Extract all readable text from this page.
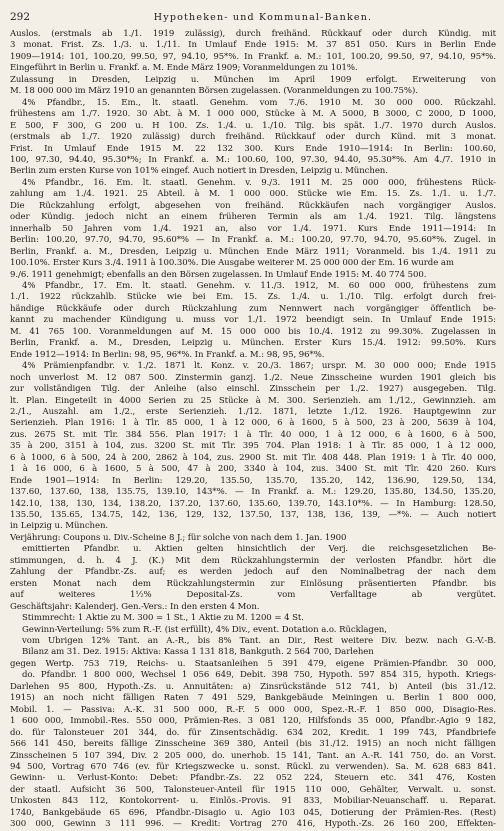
292	Hypotheken- und Kommunal-Banken.
Auslos. (erstmals ab 1./1. 1919 zulässig), durch freihänd. Rückkauf oder durch Kündig. mit
3 monat. Frist. Zs. 1./3. u. 1./11. In Umlauf Ende 1915: M. 37 851 050. Kurs in Berlin Ende
1909—1914: 101, 100.20, 99.50, 97, 94.10, 95*%. In Frankf. a. M.: 101, 100.20, 99.50, 97, 94.10, 95*%.
Eingeführt in Berlin u. Frankf. a. M. Ende März 1909; Voranmeldungen zu 101%.
Zulassung in Dresden, Leipzig u. München im April 1909 erfolgt. Erweiterung von
M. 18 000 000 im März 1910 an genannten Börsen zugelassen. (Voranmeldungen zu 100.75%).
4% Pfandbr., 15. Em., lt. staatl. Genehm. vom 7./6. 1910 M. 30 000 000. Rückzahl.
frühestens am 1./7. 1920. 30 Abt. à M. 1 000 000, Stücke à M. A 5000, B 3000, C 2000, D 1000,
E 500, F 300, G 200 u. H 100. Zs. 1./4. u. 1./10. Tilg. bis spät. 1./7. 1970 durch Auslos.
(erstmals ab 1./7. 1920 zulässig) durch freihänd. Rückkauf oder durch Künd. mit 3 monat.
Frist. In Umlauf Ende 1915 M. 22 132 300. Kurs Ende 1910—1914: In Berlin: 100.60,
100, 97.30, 94.40, 95.30*%; In Frankf. a. M.: 100.60, 100, 97.30, 94.40, 95.30*%. Am 4./7. 1910 in
Berlin zum ersten Kurse von 101% eingef. Auch notiert in Dresden, Leipzig u. München.
4% Pfandbr., 16. Em. lt. staatl. Genehm. v. 9./3. 1911 M. 25 000 000, frühestens Rück-
zahlung am 1./4. 1921. 25 Abteil. à M. 1 000 000. Stücke wie Em. 15. Zs. 1./1. u. 1./7.
Die Rückzahlung erfolgt, abgesehen von freihänd. Rückkäufen nach vorgängiger Auslos.
oder Kündig. jedoch nicht an einem früheren Termin als am 1./4. 1921. Tilg. längstens
innerhalb 50 Jahren vom 1./4. 1921 an, also vor 1./4. 1971. Kurs Ende 1911—1914: In
Berlin: 100.20, 97.70, 94.70, 95.60*% — In Frankf. a. M.: 100.20, 97.70, 94.70, 95.60*%. Zugel. in
Berlin, Frankf. a. M., Dresden, Leipzig u. München Ende März 1911; Voranmeld. bis 1./4. 1911 zu
100.10%. Erster Kurs 3./4. 1911 à 100.30%. Die Ausgabe weiterer M. 25 000 000 der Em. 16 wurde am
9./6. 1911 genehmigt; ebenfalls an den Börsen zugelassen. In Umlauf Ende 1915: M. 40 774 500.
4% Pfandbr., 17. Em. lt. staatl. Genehm. v. 11./3. 1912, M. 60 000 000, frühestens zum
1./1. 1922 rückzahlb. Stücke wie bei Em. 15. Zs. 1./4. u. 1./10. Tilg. erfolgt durch frei-
händige Rückkäufe oder durch Rückzahlung zum Nennwert nach vorgängiger öffentlich be-
kannt zu machender Kündigung u. muss vor 1./1. 1972 beendigt sein. In Umlauf Ende 1915:
M. 41 765 100. Voranmeldungen auf M. 15 000 000 bis 10./4. 1912 zu 99.30%. Zugelassen in
Berlin, Frankf. a. M., Dresden, Leipzig u. München. Erster Kurs 15./4. 1912: 99.50%. Kurs
Ende 1912—1914: In Berlin: 98, 95, 96*%. In Frankf. a. M.: 98, 95, 96*%.
4% Prämienpfandbr. v. 1./2. 1871 lt. Konz. v. 20./3. 1867; urspr. M. 30 000 000; Ende 1915
noch unverlost M. 12 087 500. Zinstermin ganzj. 1./2. Neue Zinsscheine wurden 1901 gleich bis
zur vollständigen Tilg. der Anleihe (also einschl. Zinsschein per 1./2. 1927) ausgegeben. Tilg.
lt. Plan. Eingeteilt in 4000 Serien zu 25 Stücke à M. 300. Serienzieh. am 1./12., Gewinnzieh. am
2./1., Auszahl. am 1./2., erste Serienzieh. 1./12. 1871, letzte 1./12. 1926. Hauptgewinn zur
Serienzieh. Plan 1916: 1 à Tlr. 85 000, 1 à 12 000, 6 à 1600, 5 à 500, 23 à 200, 5639 à 104,
zus. 2675 St. mit Tlr. 384 556. Plan 1917: 1 à Tlr. 40 000, 1 à 12 000, 6 à 1600, 6 à 500,
35 à 200, 3151 à 104, zus. 3200 St. mit Tlr. 395 704. Plan 1918: 1 à Tlr. 85 000, 1 à 12 000,
6 à 1000, 6 à 500, 24 à 200, 2862 à 104, zus. 2900 St. mit Tlr. 408 448. Plan 1919: 1 à Tlr. 40 000,
1 à 16 000, 6 à 1600, 5 à 500, 47 à 200, 3340 à 104, zus. 3400 St. mit Tlr. 420 260. Kurs
Ende 1901—1914: In Berlin: 129.20, 135.50, 135.70, 135.20, 142, 136.90, 129.50, 134,
137.60, 137.60, 138, 135.75, 139.10, 143*%. — In Frankf. a. M.: 129.20, 135.80, 134.50, 135.20,
142.10, 138, 130, 134, 138.20, 137.20, 137.60, 135.60, 139.70, 143.10*%. — In Hamburg: 128.50,
135.50, 135.65, 134.75, 142, 136, 129, 132, 137.50, 137, 138, 136, 139, —*%. — Auch notiert
in Leipzig u. München.
Verjährung: Coupons u. Div.-Scheine 8 J.; für solche von nach dem 1. Jan. 1900
emittierten Pfandbr. u. Aktien gelten hinsichtlich der Verj. die reichsgesetzlichen Be-
stimmungen, d. h. 4 J. (K.) Mit dem Rückzahlungstermin der verlosten Pfandbr. hört die
Zahlung der Pfandbr.-Zs. auf; es werden jedoch auf den Nominalbetrag der nach dem
ersten Monat nach dem Rückzahlungstermin zur Einlösung präsentierten Pfandbr. bis
auf weiteres 1½% Deposital-Zs. vom Verfalltage ab vergütet.
Geschäftsjahr: Kalenderj. Gen.-Vers.: In den ersten 4 Mon.
Stimmrecht: 1 Aktie zu M. 300 = 1 St., 1 Aktie zu M. 1200 = 4 St.
Gewinn-Verteilung: 5% zum R.-F. (ist erfüllt), 4% Div., event. Dotation a.o. Rücklagen,
vom Übrigen 12% Tant. an A.-R., bis 8% Tant. an Dir., Rest weitere Div. bezw. nach G.-V.-B.
Bilanz am 31. Dez. 1915: Aktiva: Kassa 1 131 818, Bankguth. 2 564 700, Darlehen
gegen Wertp. 753 719, Reichs- u. Staatsanleihen 5 391 479, eigene Prämien-Pfandbr. 30 000,
do. Pfandbr. 1 800 000, Wechsel 1 056 649, Debit. 398 750, Hypoth. 597 854 315, hypoth. Kriegs-
Darlehen 95 800, Hypoth.-Zs. u. Annuitäten: a) Zinsrückstände 512 741, b) Anteil (bis 31./12.
1915) an noch nicht fälligen Raten 7 491 529, Bankgebäude Meiningen u. Berlin 1 800 000,
Mobil. 1. — Passiva: A.-K. 31 500 000, R.-F. 5 000 000, Spez.-R.-F. 1 850 000, Disagio-Res.
1 600 000, Immobil.-Res. 550 000, Prämien-Res. 3 081 120, Hilfsfonds 35 000, Pfandbr.-Agio 9 182,
do. für Talonsteuer 201 344, do. für Zinsentschädig. 634 202, Kredit. 1 199 743, Pfandbriefe
566 141 450, bereits fällige Zinsscheine 369 380, Anteil (bis 31./12. 1915) an noch nicht fälligen
Zinsscheinen 5 107 394, Div. 2 205 000, do. unerhob. 15 141, Tant. an A.-R. 141 750, do. an Vorst.
94 500, Vortrag 670 746 (ev. für Kriegszwecke u. sonst. Rückl. zu verwenden). Sa. M. 628 683 841.
Gewinn- u. Verlust-Konto: Debet: Pfandbr.-Zs. 22 052 224, Steuern etc. 341 476, Kosten
der staatl. Aufsicht 36 500, Talonsteuer-Anteil für 1915 110 000, Gehälter, Verwalt. u. sonst.
Unkosten 843 112, Kontokorrent- u. Einlös.-Provis. 91 833, Mobiliar-Neuanschaff. u. Reparat.
1740, Bankgebäude 65 696, Pfandbr.-Disagio u. Agio 103 045, Dotierung der Prämien-Res. (Rest)
300 000, Gewinn 3 111 996. — Kredit: Vortrag 270 416, Hypoth.-Zs. 26 160 200, Effekten-
